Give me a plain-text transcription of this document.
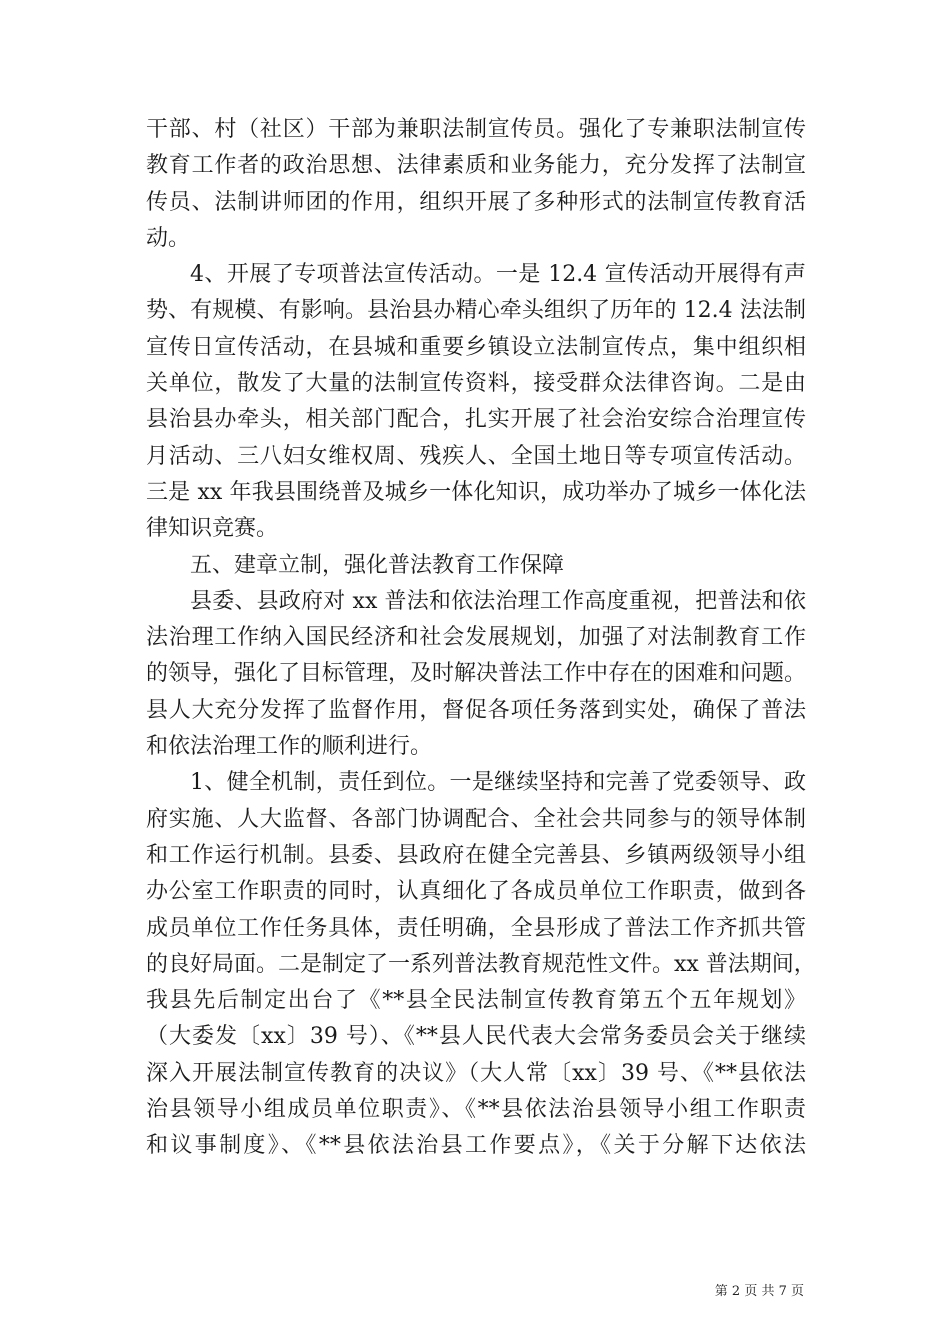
干部、村（社区）干部为兼职法制宣传员。强化了专兼职法制宣传
教育工作者的政治思想、法律素质和业务能力，充分发挥了法制宣
传员、法制讲师团的作用，组织开展了多种形式的法制宣传教育活
动。
4、开展了专项普法宣传活动。一是 12.4 宣传活动开展得有声
势、有规模、有影响。县治县办精心牵头组织了历年的 12.4 法法制
宣传日宣传活动，在县城和重要乡镇设立法制宣传点，集中组织相
关单位，散发了大量的法制宣传资料，接受群众法律咨询。二是由
县治县办牵头，相关部门配合，扎实开展了社会治安综合治理宣传
月活动、三八妇女维权周、残疾人、全国土地日等专项宣传活动。
三是 xx 年我县围绕普及城乡一体化知识，成功举办了城乡一体化法
律知识竞赛。
五、建章立制，强化普法教育工作保障
县委、县政府对 xx 普法和依法治理工作高度重视，把普法和依
法治理工作纳入国民经济和社会发展规划，加强了对法制教育工作
的领导，强化了目标管理，及时解决普法工作中存在的困难和问题。
县人大充分发挥了监督作用，督促各项任务落到实处，确保了普法
和依法治理工作的顺利进行。
1、健全机制，责任到位。一是继续坚持和完善了党委领导、政
府实施、人大监督、各部门协调配合、全社会共同参与的领导体制
和工作运行机制。县委、县政府在健全完善县、乡镇两级领导小组
办公室工作职责的同时，认真细化了各成员单位工作职责，做到各
成员单位工作任务具体，责任明确，全县形成了普法工作齐抓共管
的良好局面。二是制定了一系列普法教育规范性文件。xx 普法期间，
我县先后制定出台了《**县全民法制宣传教育第五个五年规划》
（大委发〔xx〕39 号）、《**县人民代表大会常务委员会关于继续
深入开展法制宣传教育的决议》（大人常〔xx〕39 号、《**县依法
治县领导小组成员单位职责》、《**县依法治县领导小组工作职责
和议事制度》、《**县依法治县工作要点》，《关于分解下达依法
第 2 页 共 7 页
